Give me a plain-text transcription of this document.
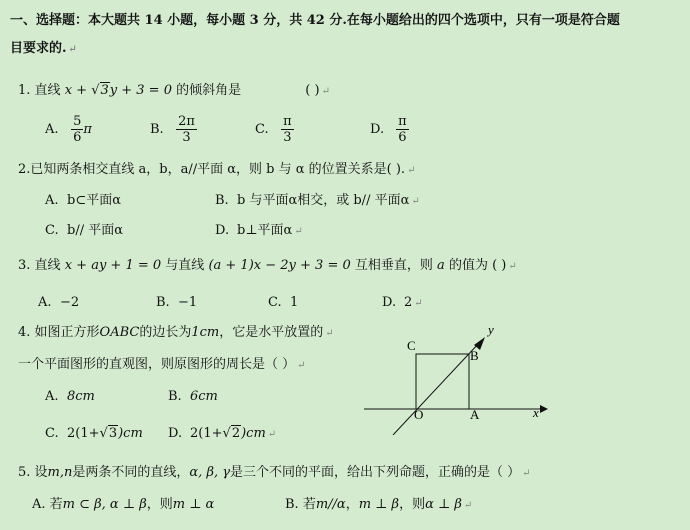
一、选择题：本大题共 14 小题，每小题 3 分，共 42 分.在每小题给出的四个选项中，只有一项是符合题
目要求的. ↵
1. 直线 x + √3y + 3 = 0 的倾斜角是	( ) ↵
A. $\frac{5}{6}$ π	B. $\frac{2\pi}{3}$	C. $\frac{\pi}{3}$	D. $\frac{\pi}{6}$
2.已知两条相交直线 a，b，a//平面 α，则 b 与 α 的位置关系是( ). ↵
A. b⊂平面α	B. b 与平面α相交，或 b// 平面α ↵
C. b// 平面α	D. b⊥平面α ↵
3. 直线 x + ay + 1 = 0 与直线 (a + 1)x − 2y + 3 = 0 互相垂直，则 a 的值为 ( ) ↵
A. −2	B. −1	C. 1	D. 2 ↵
4. 如图正方形OABC的边长为1cm，它是水平放置的 ↵
一个平面图形的直观图，则原图形的周长是（ ） ↵
A. 8cm	B. 6cm
C. 2(1+√3)cm D. 2(1+√2)cm ↵
C
B
O	A	x
y
5. 设m,n是两条不同的直线，α, β, γ是三个不同的平面，给出下列命题，正确的是（ ） ↵
A. 若m ⊂ β, α ⊥ β，则m ⊥ α	B. 若m//α，m ⊥ β，则α ⊥ β ↵
